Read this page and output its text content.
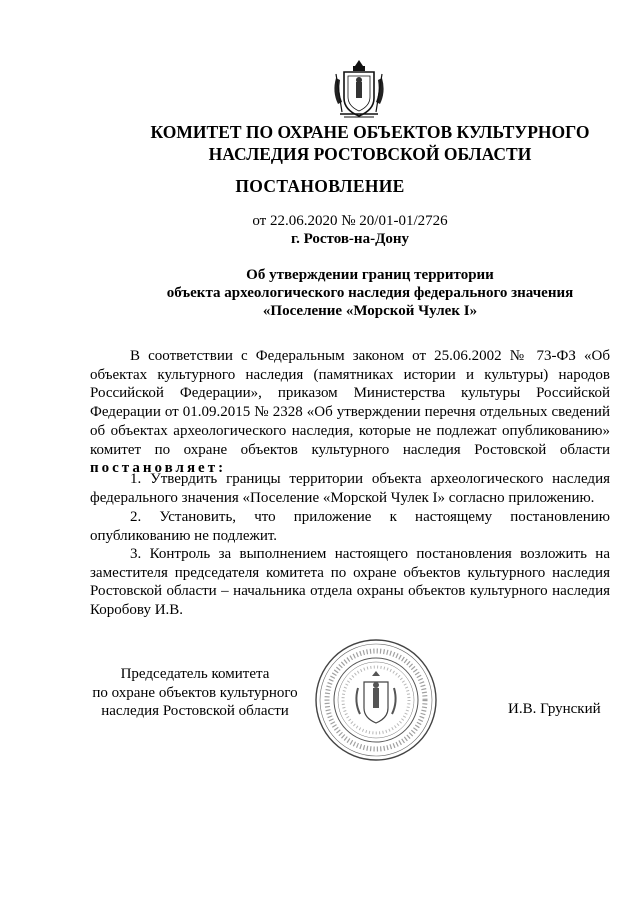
КОМИТЕТ ПО ОХРАНЕ ОБЪЕКТОВ КУЛЬТУРНОГО
НАСЛЕДИЯ РОСТОВСКОЙ ОБЛАСТИ
ПОСТАНОВЛЕНИЕ
от 22.06.2020 № 20/01-01/2726
г. Ростов-на-Дону
Об утверждении границ территории
объекта археологического наследия федерального значения
«Поселение «Морской Чулек I»
В соответствии с Федеральным законом от 25.06.2002 № 73-ФЗ «Об объектах культурного наследия (памятниках истории и культуры) народов Российской Федерации», приказом Министерства культуры Российской Федерации от 01.09.2015 № 2328 «Об утверждении перечня отдельных сведений об объектах археологического наследия, которые не подлежат опубликованию» комитет по охране объектов культурного наследия Ростовской области постановляет:
1. Утвердить границы территории объекта археологического наследия федерального значения «Поселение «Морской Чулек I» согласно приложению.
2. Установить, что приложение к настоящему постановлению опубликованию не подлежит.
3. Контроль за выполнением настоящего постановления возложить на заместителя председателя комитета по охране объектов культурного наследия Ростовской области – начальника отдела охраны объектов культурного наследия Коробову И.В.
Председатель комитета
по охране объектов культурного
наследия Ростовской области	И.В. Грунский
